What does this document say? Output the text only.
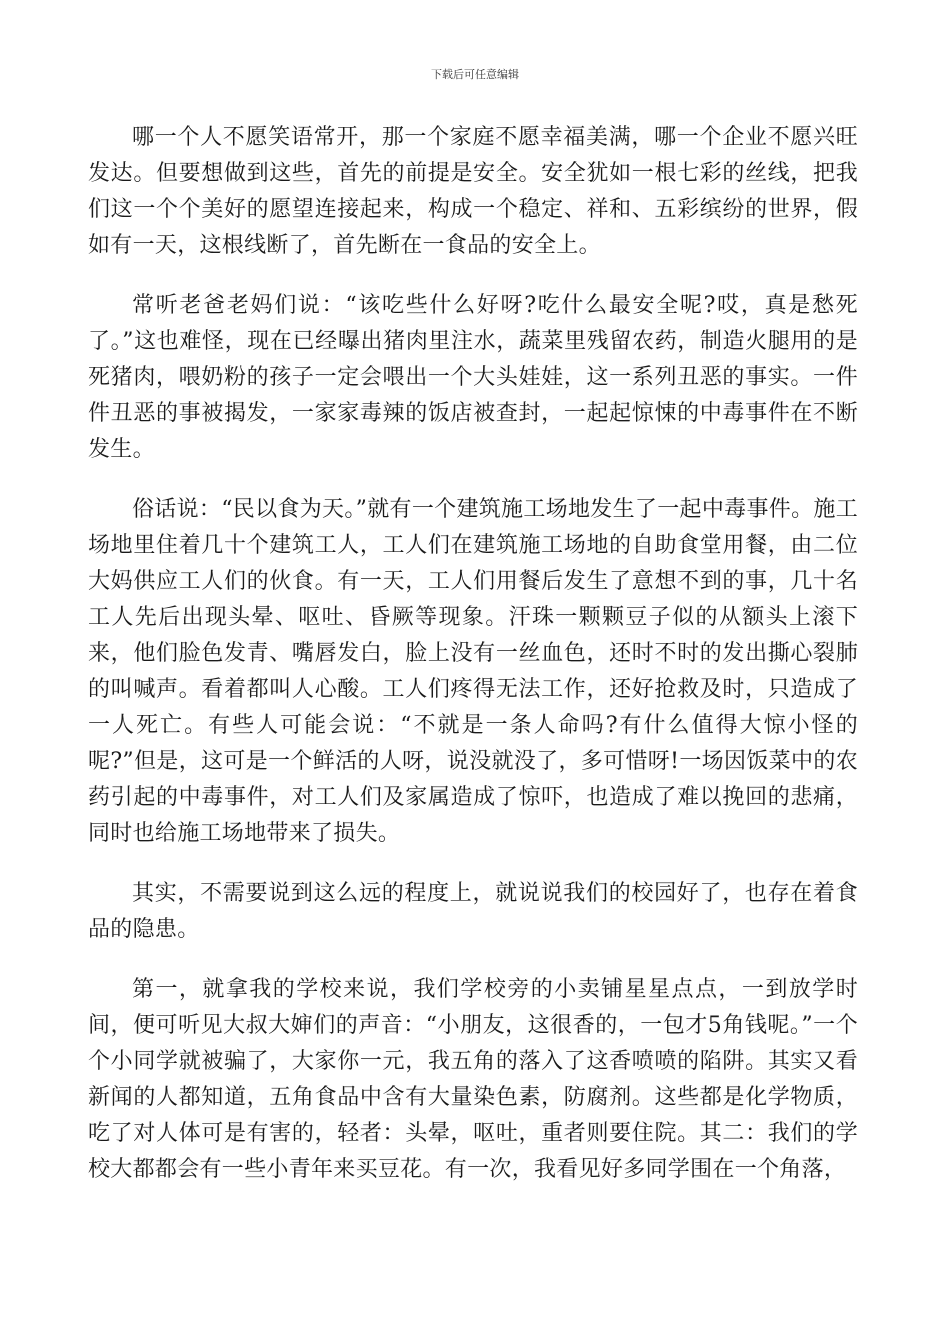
下载后可任意编辑

哪一个人不愿笑语常开，那一个家庭不愿幸福美满，哪一个企业不愿兴旺发达。但要想做到这些，首先的前提是安全。安全犹如一根七彩的丝线，把我们这一个个美好的愿望连接起来，构成一个稳定、祥和、五彩缤纷的世界，假如有一天，这根线断了，首先断在一食品的安全上。

常听老爸老妈们说：“该吃些什么好呀?吃什么最安全呢?哎，真是愁死了。”这也难怪，现在已经曝出猪肉里注水，蔬菜里残留农药，制造火腿用的是死猪肉，喂奶粉的孩子一定会喂出一个大头娃娃，这一系列丑恶的事实。一件件丑恶的事被揭发，一家家毒辣的饭店被查封，一起起惊悚的中毒事件在不断发生。

俗话说：“民以食为天。”就有一个建筑施工场地发生了一起中毒事件。施工场地里住着几十个建筑工人，工人们在建筑施工场地的自助食堂用餐，由二位大妈供应工人们的伙食。有一天，工人们用餐后发生了意想不到的事，几十名工人先后出现头晕、呕吐、昏厥等现象。汗珠一颗颗豆子似的从额头上滚下来，他们脸色发青、嘴唇发白，脸上没有一丝血色，还时不时的发出撕心裂肺的叫喊声。看着都叫人心酸。工人们疼得无法工作，还好抢救及时，只造成了一人死亡。有些人可能会说：“不就是一条人命吗?有什么值得大惊小怪的呢?”但是，这可是一个鲜活的人呀，说没就没了，多可惜呀!一场因饭菜中的农药引起的中毒事件，对工人们及家属造成了惊吓，也造成了难以挽回的悲痛，同时也给施工场地带来了损失。

其实，不需要说到这么远的程度上，就说说我们的校园好了，也存在着食品的隐患。

第一，就拿我的学校来说，我们学校旁的小卖铺星星点点，一到放学时间，便可听见大叔大婶们的声音：“小朋友，这很香的，一包才5角钱呢。”一个个小同学就被骗了，大家你一元，我五角的落入了这香喷喷的陷阱。其实又看新闻的人都知道，五角食品中含有大量染色素，防腐剂。这些都是化学物质，吃了对人体可是有害的，轻者：头晕，呕吐，重者则要住院。其二：我们的学校大都都会有一些小青年来买豆花。有一次，我看见好多同学围在一个角落，
